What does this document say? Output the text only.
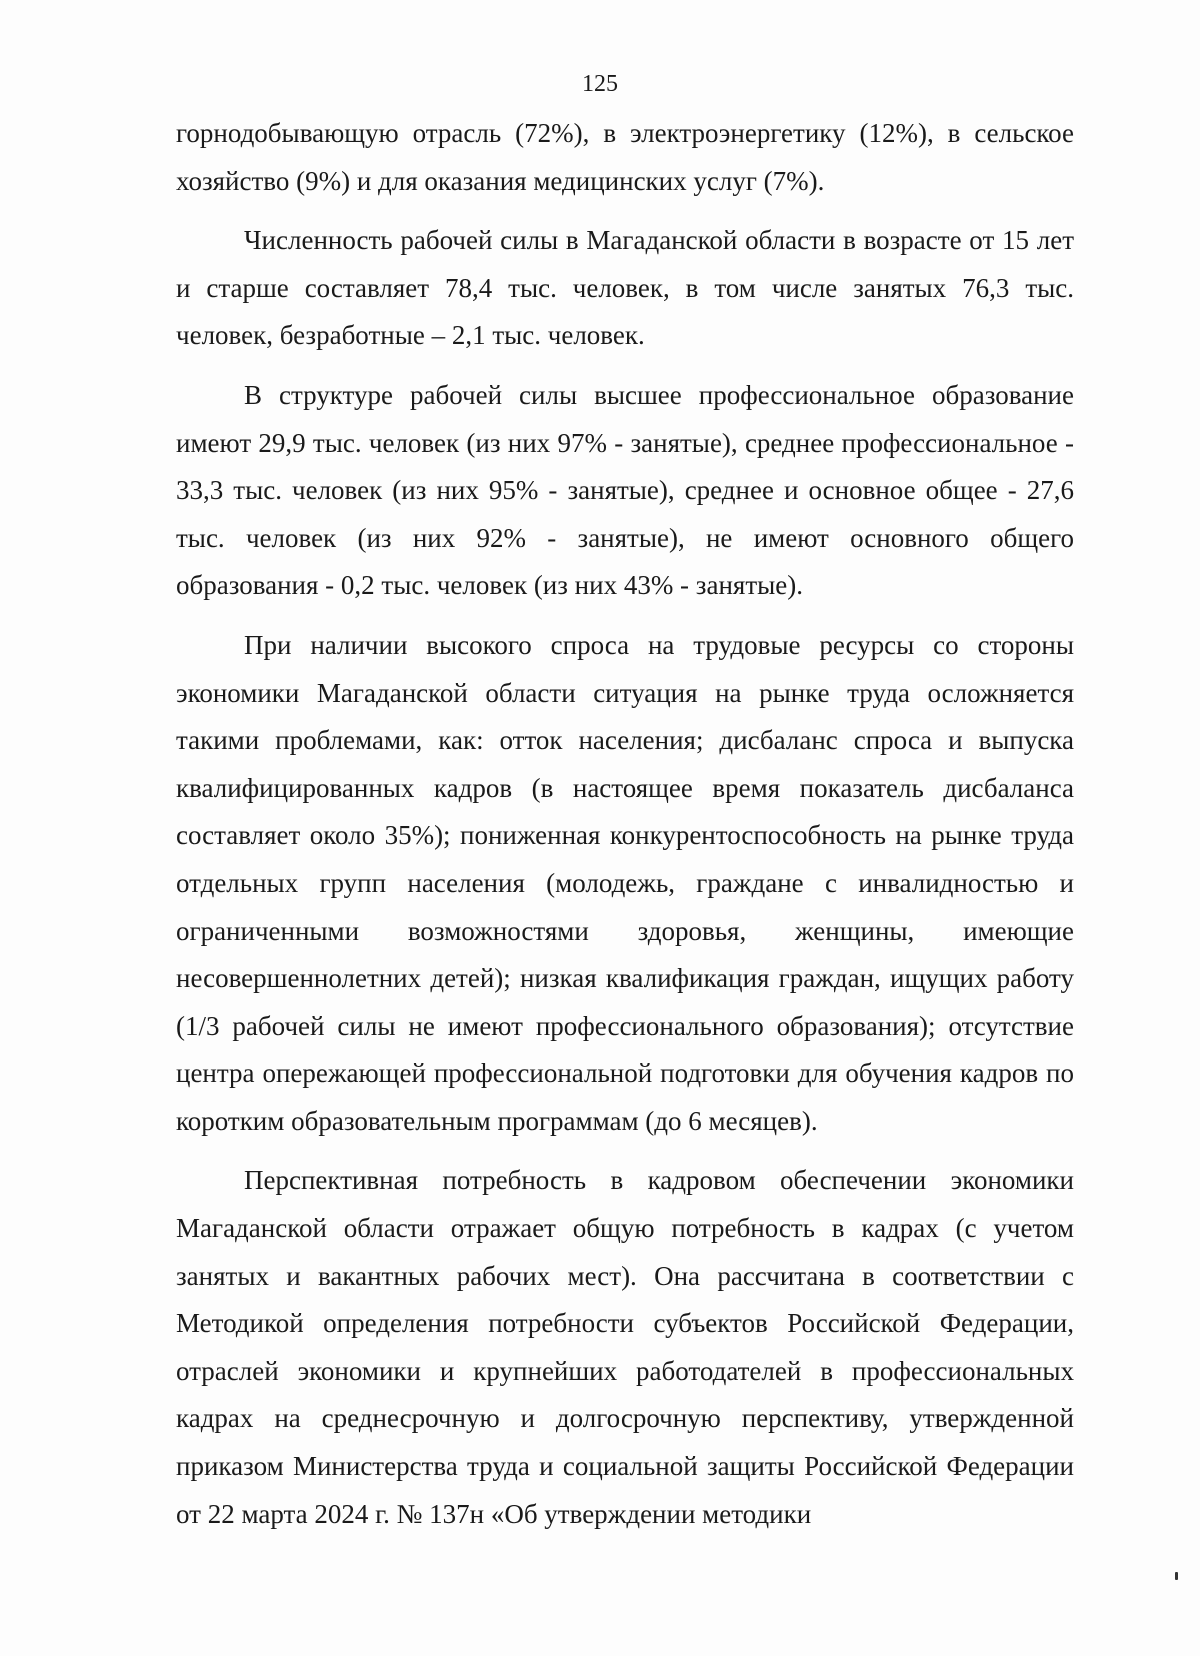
125

горнодобывающую отрасль (72%), в электроэнергетику (12%), в сельское хозяйство (9%) и для оказания медицинских услуг (7%).

Численность рабочей силы в Магаданской области в возрасте от 15 лет и старше составляет 78,4 тыс. человек, в том числе занятых 76,3 тыс. человек, безработные – 2,1 тыс. человек.

В структуре рабочей силы высшее профессиональное образование имеют 29,9 тыс. человек (из них 97% - занятые), среднее профессиональное - 33,3 тыс. человек (из них 95% - занятые), среднее и основное общее - 27,6 тыс. человек (из них 92% - занятые), не имеют основного общего образования - 0,2 тыс. человек (из них 43% - занятые).

При наличии высокого спроса на трудовые ресурсы со стороны экономики Магаданской области ситуация на рынке труда осложняется такими проблемами, как: отток населения; дисбаланс спроса и выпуска квалифицированных кадров (в настоящее время показатель дисбаланса составляет около 35%); пониженная конкурентоспособность на рынке труда отдельных групп населения (молодежь, граждане с инвалидностью и ограниченными возможностями здоровья, женщины, имеющие несовершеннолетних детей); низкая квалификация граждан, ищущих работу (1/3 рабочей силы не имеют профессионального образования); отсутствие центра опережающей профессиональной подготовки для обучения кадров по коротким образовательным программам (до 6 месяцев).

Перспективная потребность в кадровом обеспечении экономики Магаданской области отражает общую потребность в кадрах (с учетом занятых и вакантных рабочих мест). Она рассчитана в соответствии с Методикой определения потребности субъектов Российской Федерации, отраслей экономики и крупнейших работодателей в профессиональных кадрах на среднесрочную и долгосрочную перспективу, утвержденной приказом Министерства труда и социальной защиты Российской Федерации от 22 марта 2024 г. № 137н «Об утверждении методики
